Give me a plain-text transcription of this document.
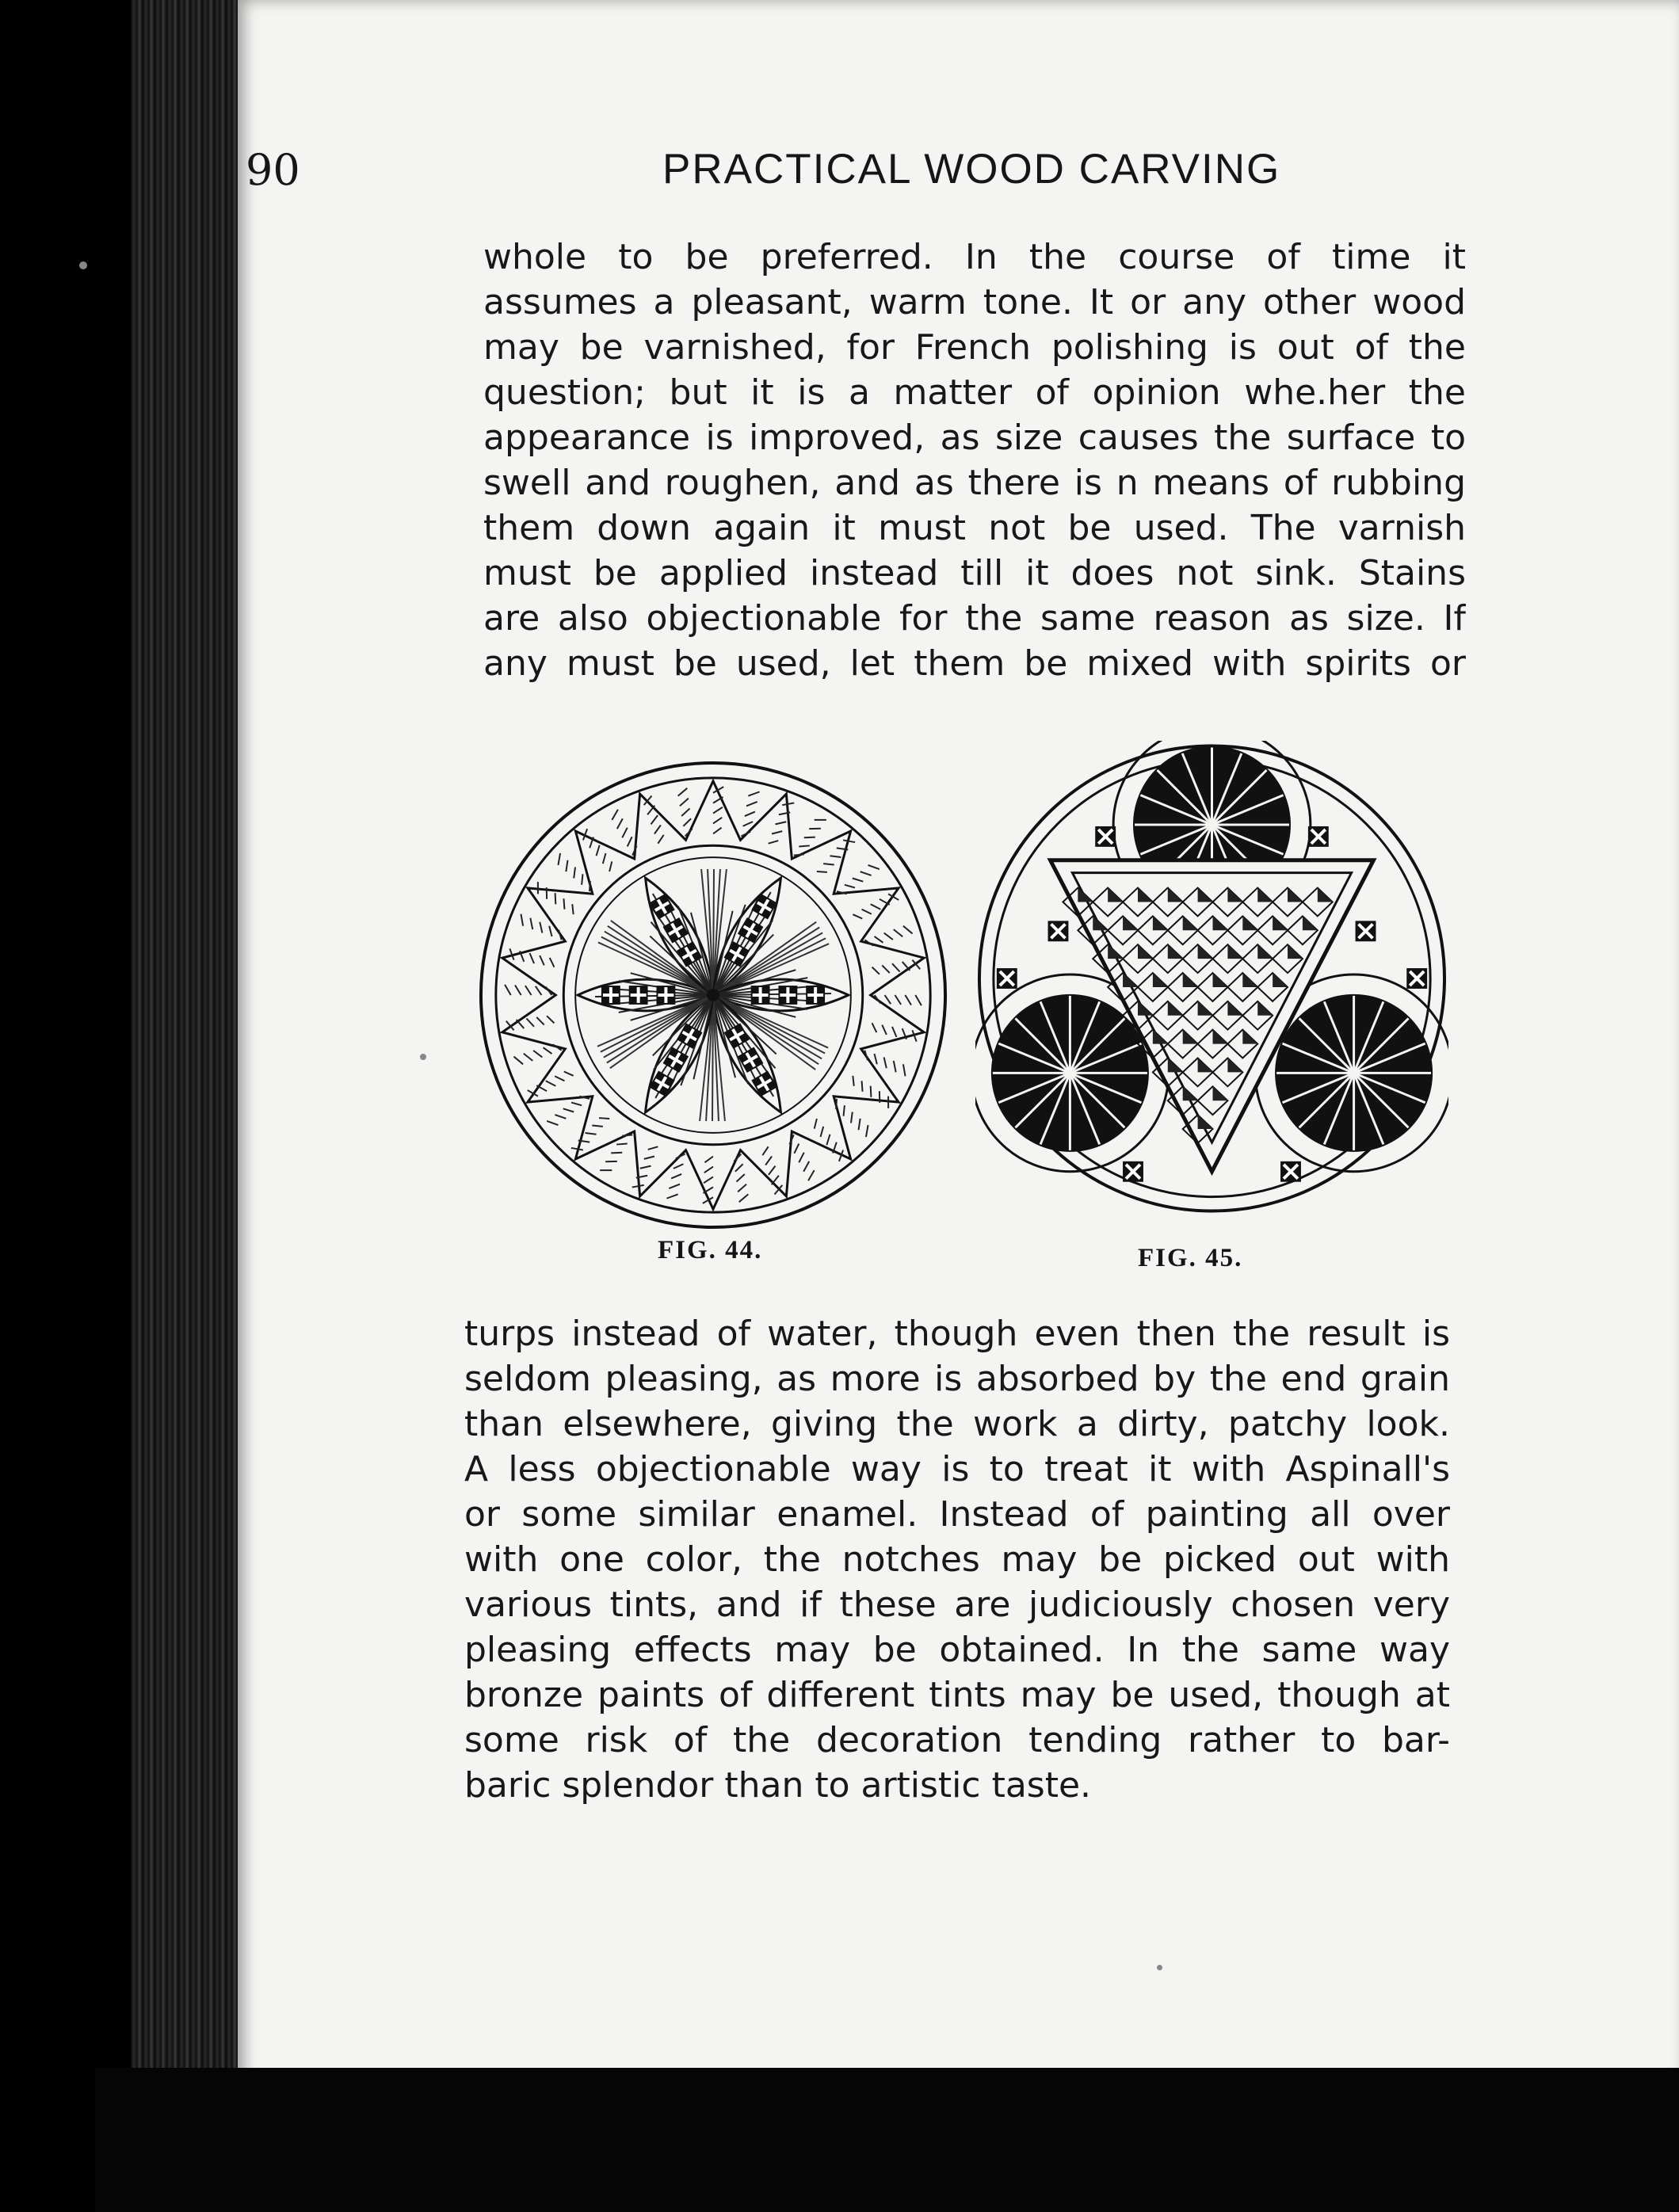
90	PRACTICAL WOOD CARVING
whole to be preferred. In the course of time it
assumes a pleasant, warm tone. It or any other wood
may be varnished, for French polishing is out of the
question; but it is a matter of opinion whe.her the
appearance is improved, as size causes the surface to
swell and roughen, and as there is n means of rubbing
them down again it must not be used. The varnish
must be applied instead till it does not sink. Stains
are also objectionable for the same reason as size. If
any must be used, let them be mixed with spirits or
FIG. 44.	FIG. 45.
turps instead of water, though even then the result is
seldom pleasing, as more is absorbed by the end grain
than elsewhere, giving the work a dirty, patchy look.
A less objectionable way is to treat it with Aspinall's
or some similar enamel. Instead of painting all over
with one color, the notches may be picked out with
various tints, and if these are judiciously chosen very
pleasing effects may be obtained. In the same way
bronze paints of different tints may be used, though at
some risk of the decoration tending rather to bar-
baric splendor than to artistic taste.
